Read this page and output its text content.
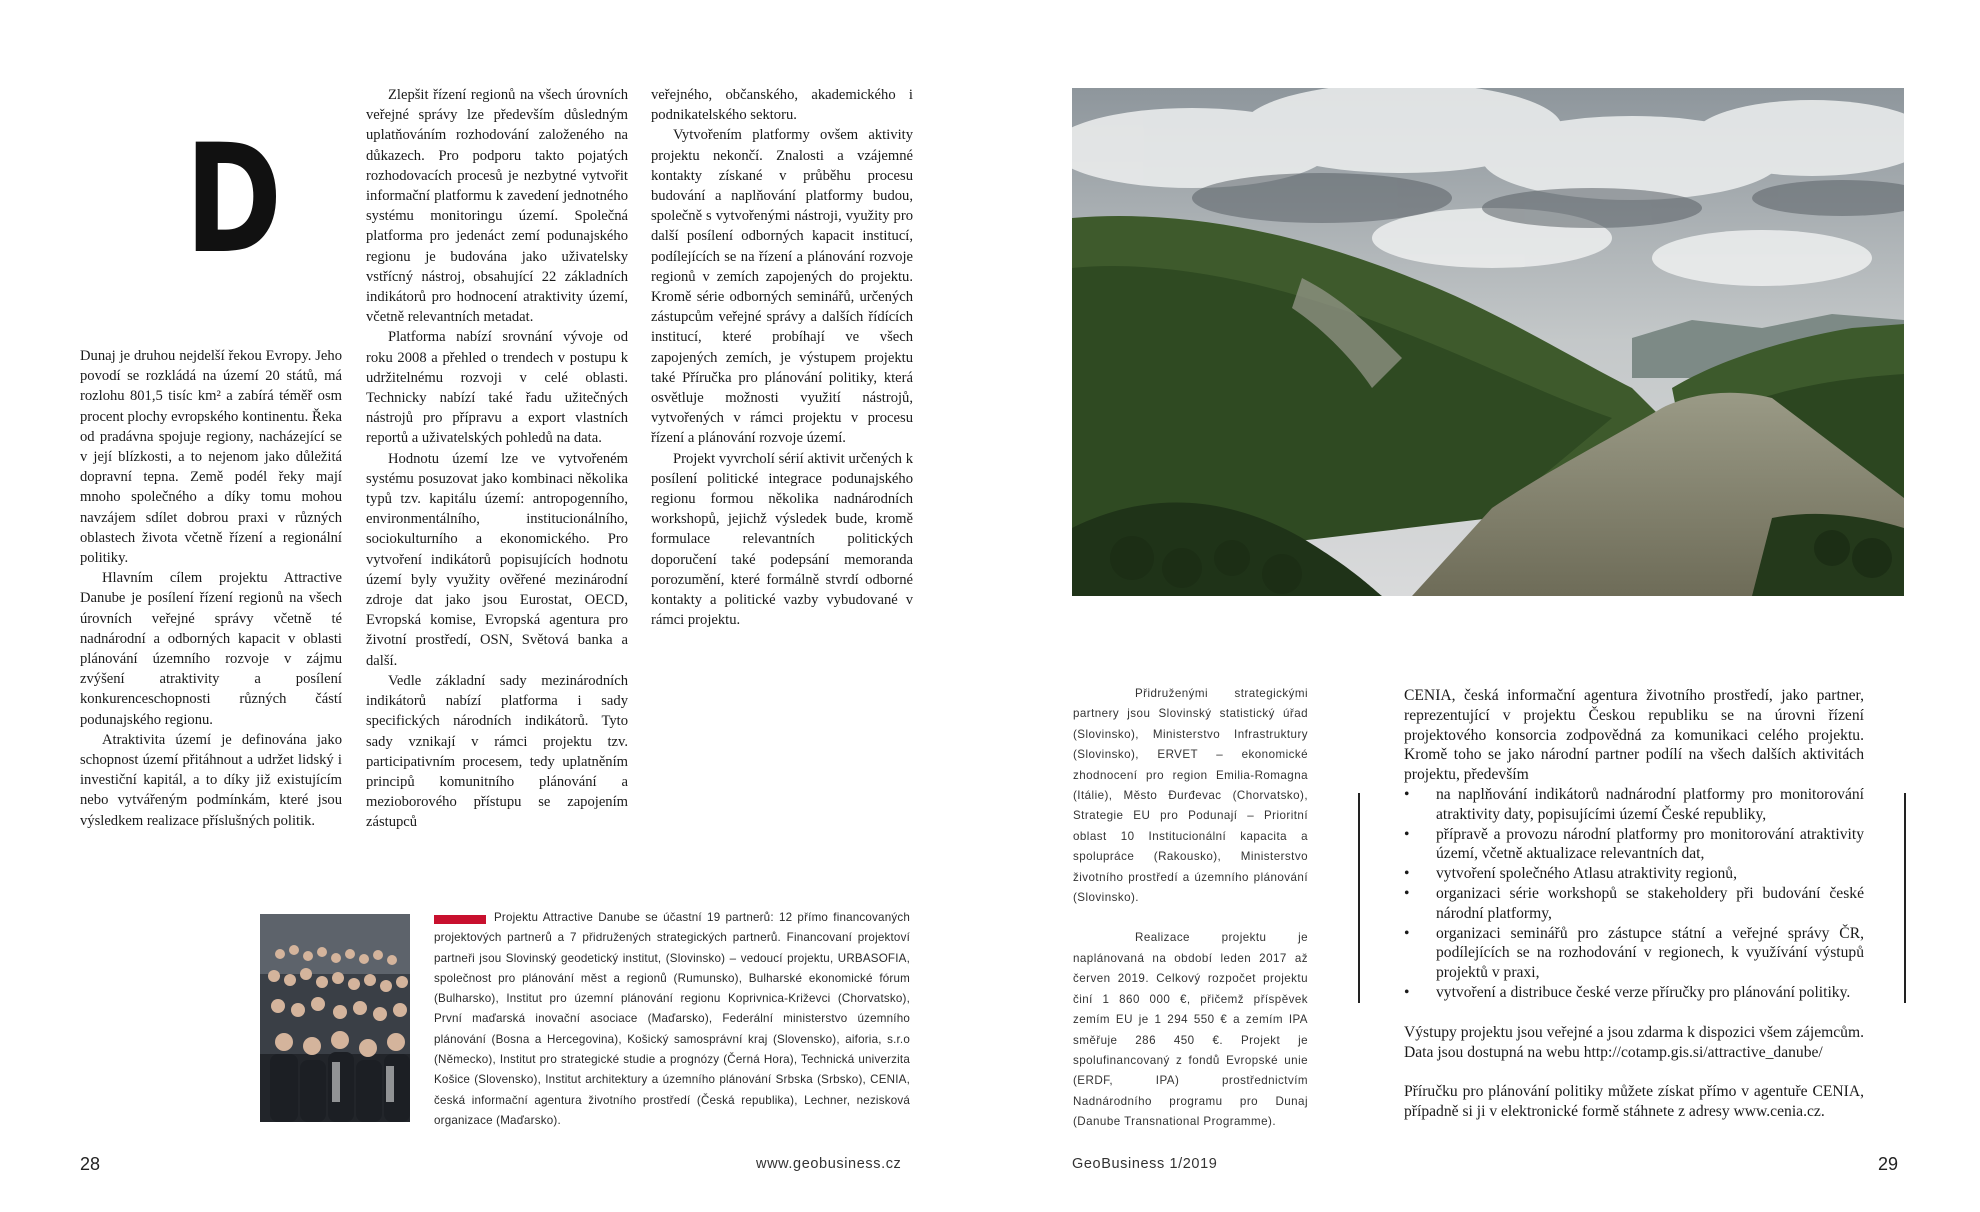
D

Dunaj je druhou nejdelší řekou Evropy. Jeho povodí se rozkládá na území 20 států, má rozlohu 801,5 tisíc km² a zabírá téměř osm procent plochy evropského kontinentu. Řeka od pradávna spojuje regiony, nacházející se v její blízkosti, a to nejenom jako důležitá dopravní tepna. Země podél řeky mají mnoho společného a díky tomu mohou navzájem sdílet dobrou praxi v různých oblastech života včetně řízení a regionální politiky.

Hlavním cílem projektu Attractive Danube je posílení řízení regionů na všech úrovních veřejné správy včetně té nadnárodní a odborných kapacit v oblasti plánování územního rozvoje v zájmu zvýšení atraktivity a posílení konkurenceschopnosti různých částí podunajského regionu.

Atraktivita území je definována jako schopnost území přitáhnout a udržet lidský i investiční kapitál, a to díky již existujícím nebo vytvářeným podmínkám, které jsou výsledkem realizace příslušných politik.

Zlepšit řízení regionů na všech úrovních veřejné správy lze především důsledným uplatňováním rozhodování založeného na důkazech. Pro podporu takto pojatých rozhodovacích procesů je nezbytné vytvořit informační platformu k zavedení jednotného systému monitoringu území. Společná platforma pro jedenáct zemí podunajského regionu je budována jako uživatelsky vstřícný nástroj, obsahující 22 základních indikátorů pro hodnocení atraktivity území, včetně relevantních metadat.

Platforma nabízí srovnání vývoje od roku 2008 a přehled o trendech v postupu k udržitelnému rozvoji v celé oblasti. Technicky nabízí také řadu užitečných nástrojů pro přípravu a export vlastních reportů a uživatelských pohledů na data.

Hodnotu území lze ve vytvořeném systému posuzovat jako kombinaci několika typů tzv. kapitálu území: antropogenního, environmentálního, institucionálního, sociokulturního a ekonomického. Pro vytvoření indikátorů popisujících hodnotu území byly využity ověřené mezinárodní zdroje dat jako jsou Eurostat, OECD, Evropská komise, Evropská agentura pro životní prostředí, OSN, Světová banka a další.

Vedle základní sady mezinárodních indikátorů nabízí platforma i sady specifických národních indikátorů. Tyto sady vznikají v rámci projektu tzv. participativním procesem, tedy uplatněním principů komunitního plánování a mezioborového přístupu se zapojením zástupců

veřejného, občanského, akademického i podnikatelského sektoru.

Vytvořením platformy ovšem aktivity projektu nekončí. Znalosti a vzájemné kontakty získané v průběhu procesu budování a naplňování platformy budou, společně s vytvořenými nástroji, využity pro další posílení odborných kapacit institucí, podílejících se na řízení a plánování rozvoje regionů v zemích zapojených do projektu. Kromě série odborných seminářů, určených zástupcům veřejné správy a dalších řídících institucí, které probíhají ve všech zapojených zemích, je výstupem projektu také Příručka pro plánování politiky, která osvětluje možnosti využití nástrojů, vytvořených v rámci projektu v procesu řízení a plánování rozvoje území.

Projekt vyvrcholí sérií aktivit určených k posílení politické integrace podunajského regionu formou několika nadnárodních workshopů, jejichž výsledek bude, kromě formulace relevantních politických doporučení také podepsání memoranda porozumění, které formálně stvrdí odborné kontakty a politické vazby vybudované v rámci projektu.

Projektu Attractive Danube se účastní 19 partnerů: 12 přímo financovaných projektových partnerů a 7 přidružených strategických partnerů. Financovaní projektoví partneři jsou Slovinský geodetický institut, (Slovinsko) – vedoucí projektu, URBASOFIA, společnost pro plánování měst a regionů (Rumunsko), Bulharské ekonomické fórum (Bulharsko), Institut pro územní plánování regionu Koprivnica-Križevci (Chorvatsko), První maďarská inovační asociace (Maďarsko), Federální ministerstvo územního plánování (Bosna a Hercegovina), Košický samosprávní kraj (Slovensko), aiforia, s.r.o (Německo), Institut pro strategické studie a prognózy (Černá Hora), Technická univerzita Košice (Slovensko), Institut architektury a územního plánování Srbska (Srbsko), CENIA, česká informační agentura životního prostředí (Česká republika), Lechner, nezisková organizace (Maďarsko).
28	www.geobusiness.cz

Přidruženými strategickými partnery jsou Slovinský statistický úřad (Slovinsko), Ministerstvo Infrastruktury (Slovinsko), ERVET – ekonomické zhodnocení pro region Emilia-Romagna (Itálie), Město Đurđevac (Chorvatsko), Strategie EU pro Podunají – Prioritní oblast 10 Institucionální kapacita a spolupráce (Rakousko), Ministerstvo životního prostředí a územního plánování (Slovinsko).

Realizace projektu je naplánovaná na období leden 2017 až červen 2019. Celkový rozpočet projektu činí 1 860 000 €, přičemž příspěvek zemím EU je 1 294 550 € a zemím IPA směřuje 286 450 €. Projekt je spolufinancovaný z fondů Evropské unie (ERDF, IPA) prostřednictvím Nadnárodního programu pro Dunaj (Danube Transnational Programme).

CENIA, česká informační agentura životního prostředí, jako partner, reprezentující v projektu Českou republiku se na úrovni řízení projektového konsorcia zodpovědná za komunikaci celého projektu. Kromě toho se jako národní partner podílí na všech dalších aktivitách projektu, především

• na naplňování indikátorů nadnárodní platformy pro monitorování atraktivity daty, popisujícími území České republiky,
• přípravě a provozu národní platformy pro monitorování atraktivity území, včetně aktualizace relevantních dat,
• vytvoření společného Atlasu atraktivity regionů,
• organizaci série workshopů se stakeholdery při budování české národní platformy,
• organizaci seminářů pro zástupce státní a veřejné správy ČR, podílejících se na rozhodování v regionech, k využívání výstupů projektů v praxi,
• vytvoření a distribuce české verze příručky pro plánování politiky.

Výstupy projektu jsou veřejné a jsou zdarma k dispozici všem zájemcům. Data jsou dostupná na webu http://cotamp.gis.si/attractive_danube/

Příručku pro plánování politiky můžete získat přímo v agentuře CENIA, případně si ji v elektronické formě stáhnete z adresy www.cenia.cz.

GeoBusiness 1/2019	29
